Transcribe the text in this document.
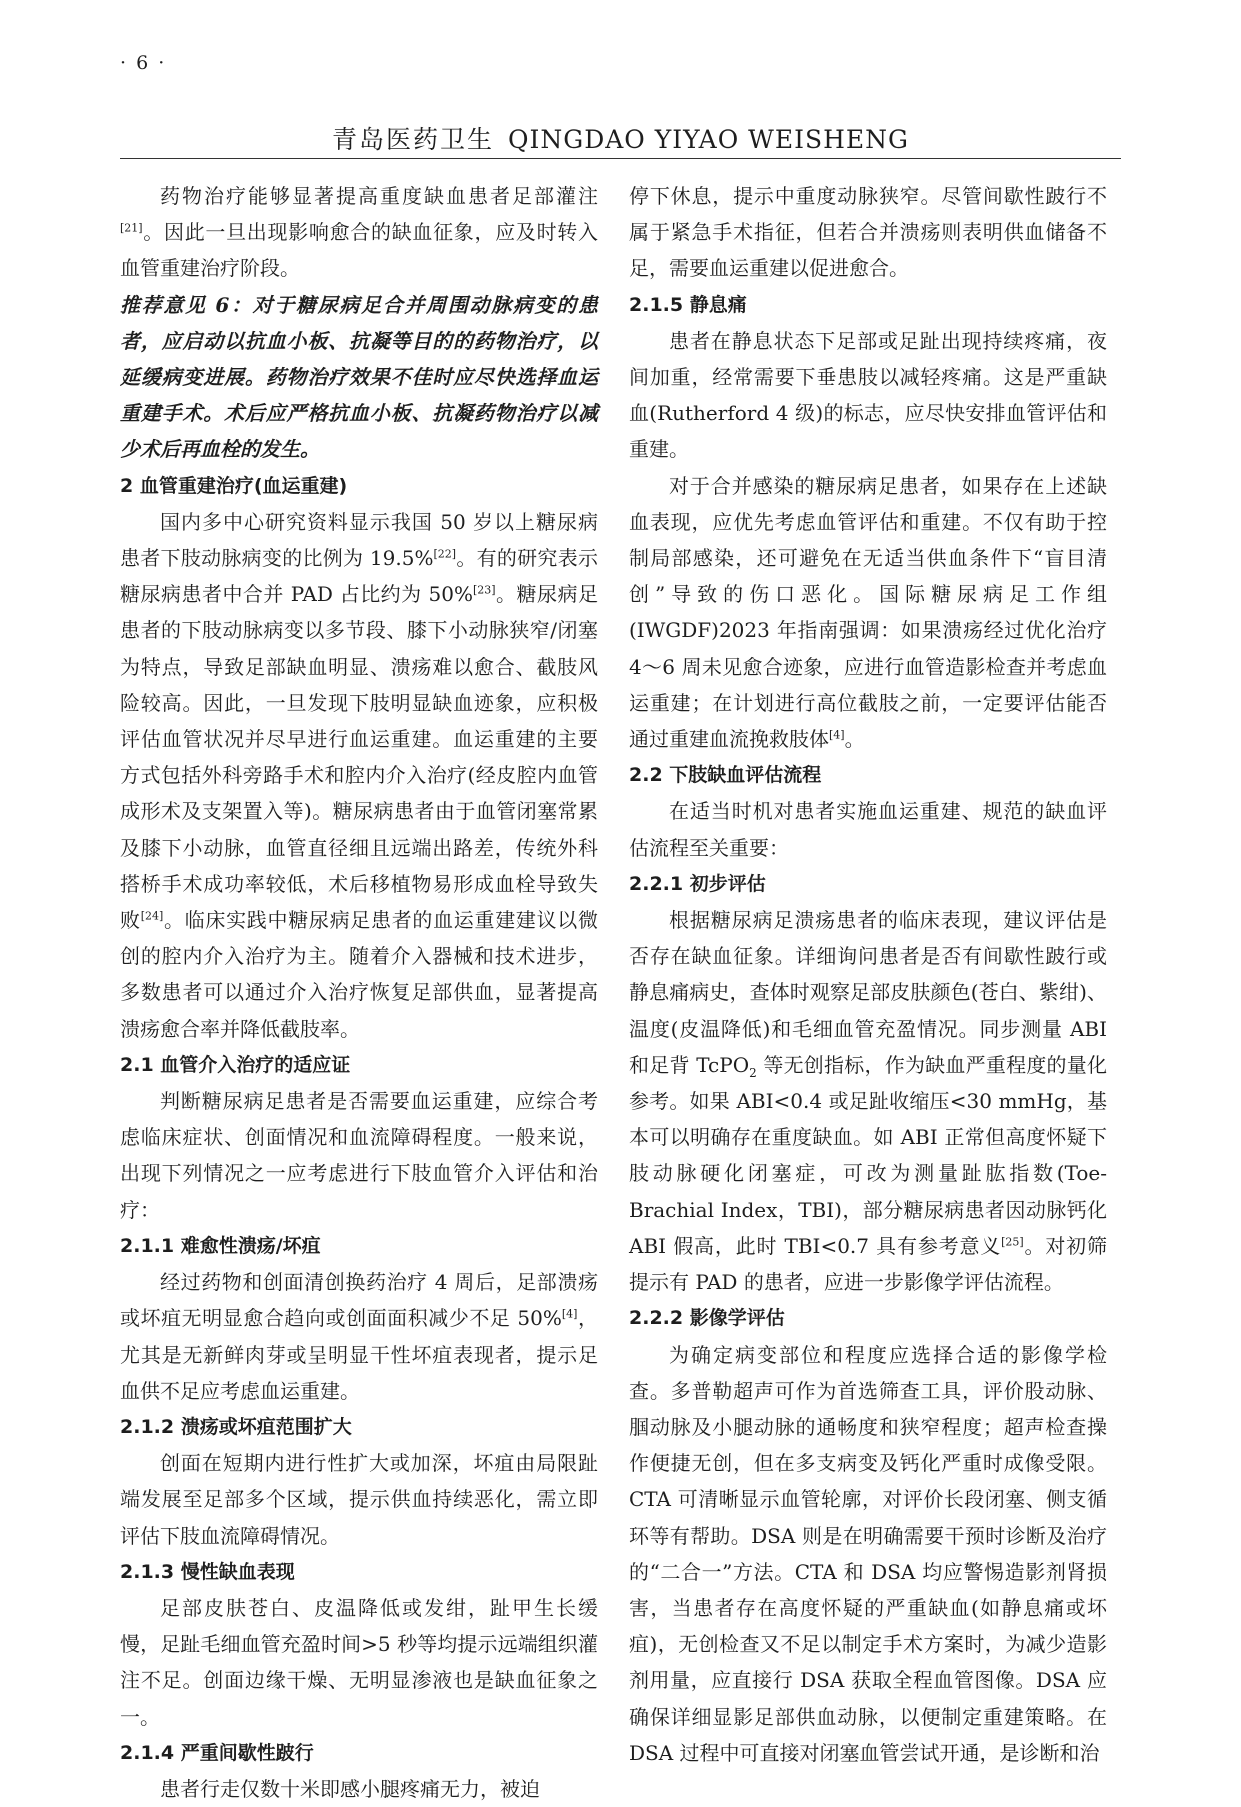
· 6 ·
青岛医药卫生 QINGDAO YIYAO WEISHENG

药物治疗能够显著提高重度缺血患者足部灌注[21]。因此一旦出现影响愈合的缺血征象，应及时转入血管重建治疗阶段。

推荐意见 6：对于糖尿病足合并周围动脉病变的患者，应启动以抗血小板、抗凝等目的的药物治疗，以延缓病变进展。药物治疗效果不佳时应尽快选择血运重建手术。术后应严格抗血小板、抗凝药物治疗以减少术后再血栓的发生。

2 血管重建治疗(血运重建)

国内多中心研究资料显示我国 50 岁以上糖尿病患者下肢动脉病变的比例为 19.5%[22]。有的研究表示糖尿病患者中合并 PAD 占比约为 50%[23]。糖尿病足患者的下肢动脉病变以多节段、膝下小动脉狭窄/闭塞为特点，导致足部缺血明显、溃疡难以愈合、截肢风险较高。因此，一旦发现下肢明显缺血迹象，应积极评估血管状况并尽早进行血运重建。血运重建的主要方式包括外科旁路手术和腔内介入治疗(经皮腔内血管成形术及支架置入等)。糖尿病患者由于血管闭塞常累及膝下小动脉，血管直径细且远端出路差，传统外科搭桥手术成功率较低，术后移植物易形成血栓导致失败[24]。临床实践中糖尿病足患者的血运重建建议以微创的腔内介入治疗为主。随着介入器械和技术进步，多数患者可以通过介入治疗恢复足部供血，显著提高溃疡愈合率并降低截肢率。

2.1 血管介入治疗的适应证

判断糖尿病足患者是否需要血运重建，应综合考虑临床症状、创面情况和血流障碍程度。一般来说，出现下列情况之一应考虑进行下肢血管介入评估和治疗：

2.1.1 难愈性溃疡/坏疽

经过药物和创面清创换药治疗 4 周后，足部溃疡或坏疽无明显愈合趋向或创面面积减少不足 50%[4]，尤其是无新鲜肉芽或呈明显干性坏疽表现者，提示足血供不足应考虑血运重建。

2.1.2 溃疡或坏疽范围扩大

创面在短期内进行性扩大或加深，坏疽由局限趾端发展至足部多个区域，提示供血持续恶化，需立即评估下肢血流障碍情况。

2.1.3 慢性缺血表现

足部皮肤苍白、皮温降低或发绀，趾甲生长缓慢，足趾毛细血管充盈时间>5 秒等均提示远端组织灌注不足。创面边缘干燥、无明显渗液也是缺血征象之一。

2.1.4 严重间歇性跛行

患者行走仅数十米即感小腿疼痛无力，被迫

停下休息，提示中重度动脉狭窄。尽管间歇性跛行不属于紧急手术指征，但若合并溃疡则表明供血储备不足，需要血运重建以促进愈合。

2.1.5 静息痛

患者在静息状态下足部或足趾出现持续疼痛，夜间加重，经常需要下垂患肢以减轻疼痛。这是严重缺血(Rutherford 4 级)的标志，应尽快安排血管评估和重建。

对于合并感染的糖尿病足患者，如果存在上述缺血表现，应优先考虑血管评估和重建。不仅有助于控制局部感染，还可避免在无适当供血条件下“盲目清创”导致的伤口恶化。国际糖尿病足工作组(IWGDF)2023 年指南强调：如果溃疡经过优化治疗 4～6 周未见愈合迹象，应进行血管造影检查并考虑血运重建；在计划进行高位截肢之前，一定要评估能否通过重建血流挽救肢体[4]。

2.2 下肢缺血评估流程

在适当时机对患者实施血运重建、规范的缺血评估流程至关重要：

2.2.1 初步评估

根据糖尿病足溃疡患者的临床表现，建议评估是否存在缺血征象。详细询问患者是否有间歇性跛行或静息痛病史，查体时观察足部皮肤颜色(苍白、紫绀)、温度(皮温降低)和毛细血管充盈情况。同步测量 ABI 和足背 TcPO$_2$ 等无创指标，作为缺血严重程度的量化参考。如果 ABI<0.4 或足趾收缩压<30 mmHg，基本可以明确存在重度缺血。如 ABI 正常但高度怀疑下肢动脉硬化闭塞症，可改为测量趾肱指数(Toe-Brachial Index，TBI)，部分糖尿病患者因动脉钙化 ABI 假高，此时 TBI<0.7 具有参考意义[25]。对初筛提示有 PAD 的患者，应进一步影像学评估流程。

2.2.2 影像学评估

为确定病变部位和程度应选择合适的影像学检查。多普勒超声可作为首选筛查工具，评价股动脉、腘动脉及小腿动脉的通畅度和狭窄程度；超声检查操作便捷无创，但在多支病变及钙化严重时成像受限。CTA 可清晰显示血管轮廓，对评价长段闭塞、侧支循环等有帮助。DSA 则是在明确需要干预时诊断及治疗的“二合一”方法。CTA 和 DSA 均应警惕造影剂肾损害，当患者存在高度怀疑的严重缺血(如静息痛或坏疽)，无创检查又不足以制定手术方案时，为减少造影剂用量，应直接行 DSA 获取全程血管图像。DSA 应确保详细显影足部供血动脉，以便制定重建策略。在 DSA 过程中可直接对闭塞血管尝试开通，是诊断和治
